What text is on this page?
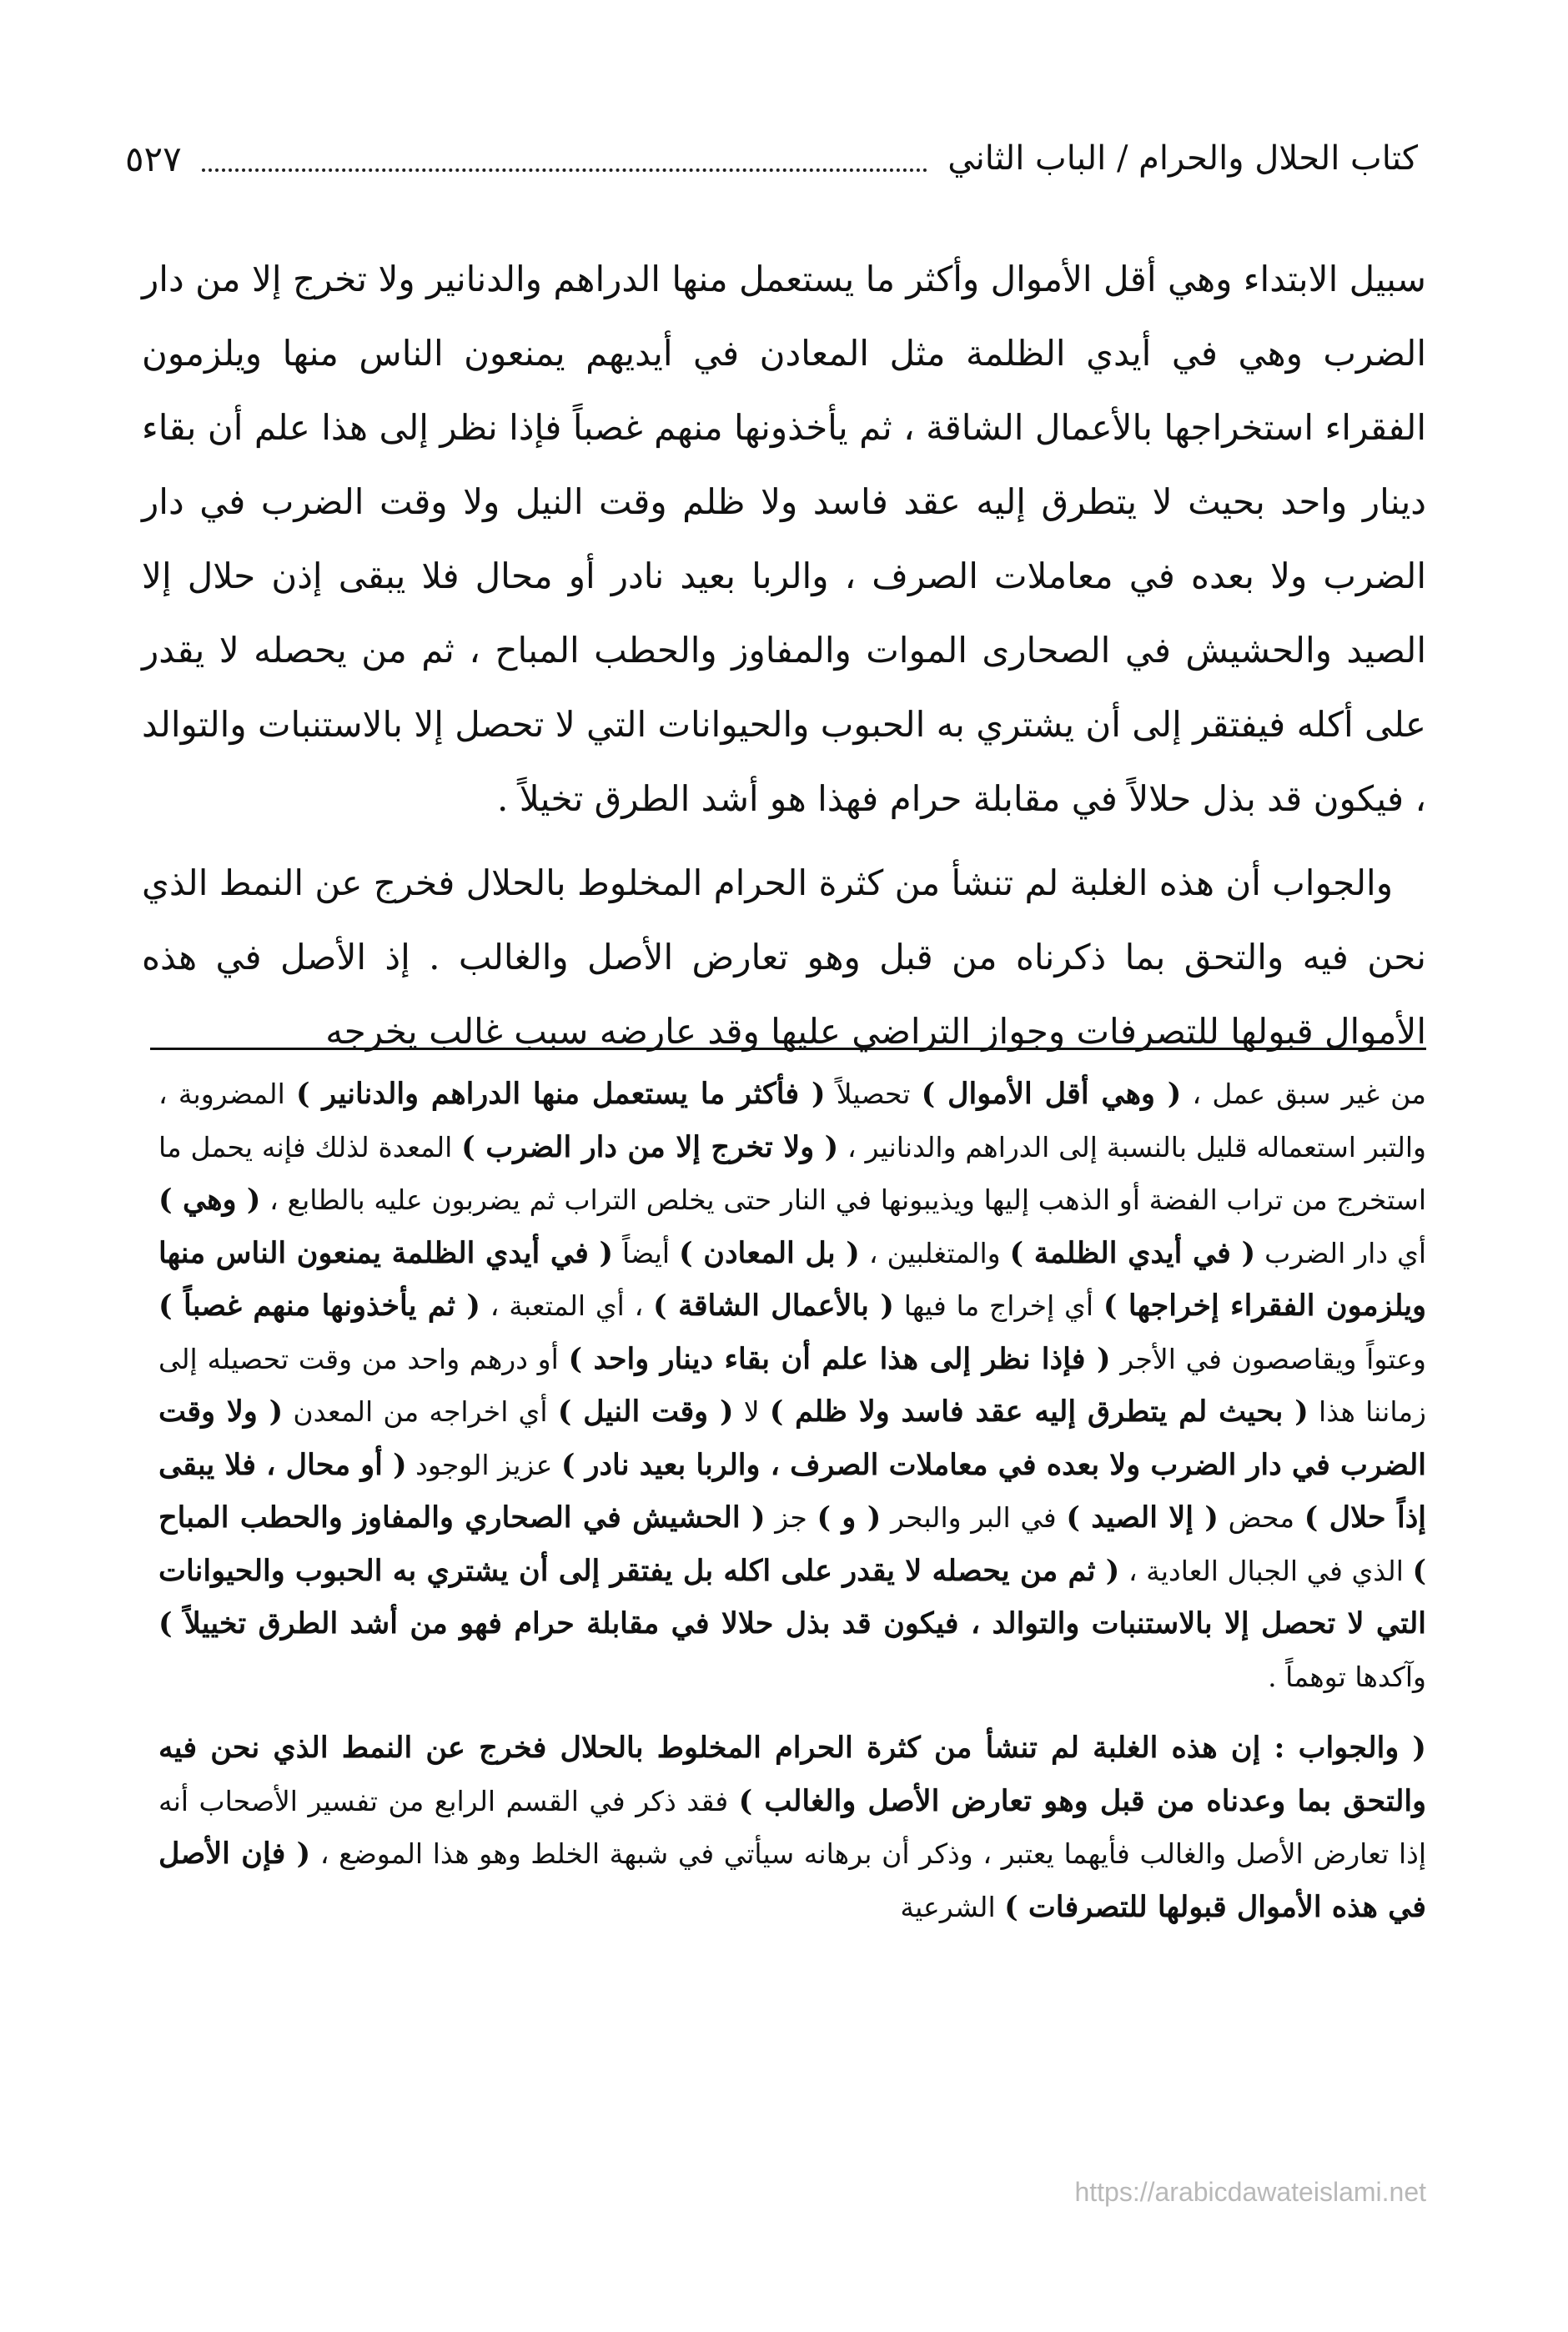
كتاب الحلال والحرام / الباب الثاني
٥٢٧

سبيل الابتداء وهي أقل الأموال وأكثر ما يستعمل منها الدراهم والدنانير ولا تخرج إلا من دار الضرب وهي في أيدي الظلمة مثل المعادن في أيديهم يمنعون الناس منها ويلزمون الفقراء استخراجها بالأعمال الشاقة ، ثم يأخذونها منهم غصباً فإذا نظر إلى هذا علم أن بقاء دينار واحد بحيث لا يتطرق إليه عقد فاسد ولا ظلم وقت النيل ولا وقت الضرب في دار الضرب ولا بعده في معاملات الصرف ، والربا بعيد نادر أو محال فلا يبقى إذن حلال إلا الصيد والحشيش في الصحارى الموات والمفاوز والحطب المباح ، ثم من يحصله لا يقدر على أكله فيفتقر إلى أن يشتري به الحبوب والحيوانات التي لا تحصل إلا بالاستنبات والتوالد ، فيكون قد بذل حلالاً في مقابلة حرام فهذا هو أشد الطرق تخيلاً .

والجواب أن هذه الغلبة لم تنشأ من كثرة الحرام المخلوط بالحلال فخرج عن النمط الذي نحن فيه والتحق بما ذكرناه من قبل وهو تعارض الأصل والغالب . إذ الأصل في هذه الأموال قبولها للتصرفات وجواز التراضي عليها وقد عارضه سبب غالب يخرجه

من غير سبق عمل ، ( وهي أقل الأموال ) تحصيلاً ( فأكثر ما يستعمل منها الدراهم والدنانير ) المضروبة ، والتبر استعماله قليل بالنسبة إلى الدراهم والدنانير ، ( ولا تخرج إلا من دار الضرب ) المعدة لذلك فإنه يحمل ما استخرج من تراب الفضة أو الذهب إليها ويذيبونها في النار حتى يخلص التراب ثم يضربون عليه بالطابع ، ( وهي ) أي دار الضرب ( في أيدي الظلمة ) والمتغلبين ، ( بل المعادن ) أيضاً ( في أيدي الظلمة يمنعون الناس منها ويلزمون الفقراء إخراجها ) أي إخراج ما فيها ( بالأعمال الشاقة ) ، أي المتعبة ، ( ثم يأخذونها منهم غصباً ) وعتواً ويقاصصون في الأجر ( فإذا نظر إلى هذا علم أن بقاء دينار واحد ) أو درهم واحد من وقت تحصيله إلى زماننا هذا ( بحيث لم يتطرق إليه عقد فاسد ولا ظلم ) لا ( وقت النيل ) أي اخراجه من المعدن ( ولا وقت الضرب في دار الضرب ولا بعده في معاملات الصرف ، والربا بعيد نادر ) عزيز الوجود ( أو محال ، فلا يبقى إذاً حلال ) محض ( إلا الصيد ) في البر والبحر ( و ) جز ( الحشيش في الصحاري والمفاوز والحطب المباح ) الذي في الجبال العادية ، ( ثم من يحصله لا يقدر على اكله بل يفتقر إلى أن يشتري به الحبوب والحيوانات التي لا تحصل إلا بالاستنبات والتوالد ، فيكون قد بذل حلالا في مقابلة حرام فهو من أشد الطرق تخييلاً ) وآكدها توهماً .

( والجواب : إن هذه الغلبة لم تنشأ من كثرة الحرام المخلوط بالحلال فخرج عن النمط الذي نحن فيه والتحق بما وعدناه من قبل وهو تعارض الأصل والغالب ) فقد ذكر في القسم الرابع من تفسير الأصحاب أنه إذا تعارض الأصل والغالب فأيهما يعتبر ، وذكر أن برهانه سيأتي في شبهة الخلط وهو هذا الموضع ، ( فإن الأصل في هذه الأموال قبولها للتصرفات ) الشرعية

https://arabicdawateislami.net
